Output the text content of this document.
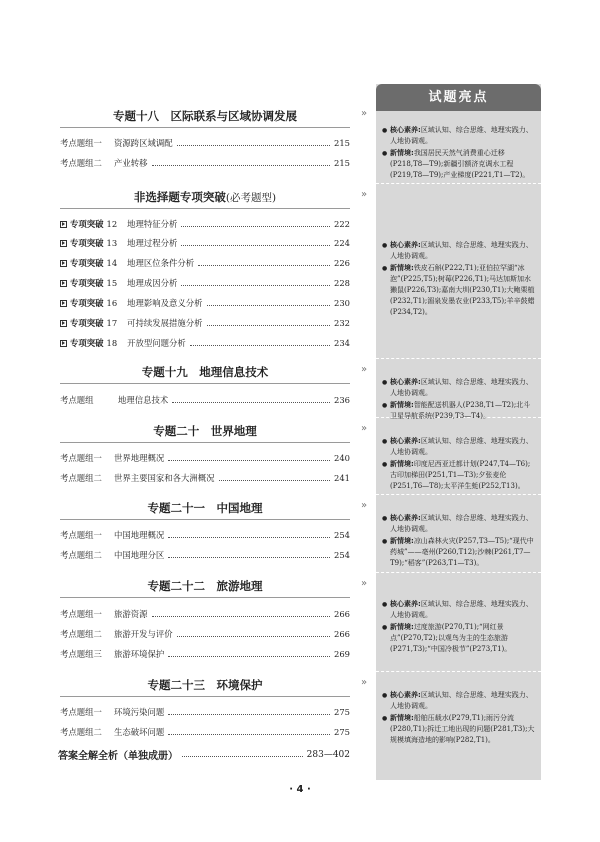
专题十八　区际联系与区域协调发展
考点题组一	资源跨区域调配	215
考点题组二	产业转移	215
非选择题专项突破(必考题型)
专项突破 12 地理特征分析	222
专项突破 13 地理过程分析	224
专项突破 14 地理区位条件分析	226
专项突破 15 地理成因分析	228
专项突破 16 地理影响及意义分析	230
专项突破 17 可持续发展措施分析	232
专项突破 18 开放型问题分析	234
专题十九　地理信息技术
考点题组	地理信息技术	236
专题二十　世界地理
考点题组一	世界地理概况	240
考点题组二	世界主要国家和各大洲概况	241
专题二十一　中国地理
考点题组一	中国地理概况	254
考点题组二	中国地理分区	254
专题二十二　旅游地理
考点题组一	旅游资源	266
考点题组二	旅游开发与评价	266
考点题组三	旅游环境保护	269
专题二十三　环境保护
考点题组一	环境污染问题	275
考点题组二	生态破坏问题	275
答案全解全析（单独成册）	283—402
»
»
»
»
»
»
»
试题亮点
● 核心素养:区域认知、综合思维、地理实践力、人地协调观。
● 新情境:我国居民天然气消费重心迁移(P218,T8—T9);新疆引额济克调水工程(P219,T8—T9);产业梯度(P221,T1—T2)。
● 核心素养:区域认知、综合思维、地理实践力、人地协调观。
● 新情境:铁皮石斛(P222,T1);亚伯拉罕湖“冰泡”(P225,T5);树莓(P226,T1);马达加斯加水獭鼠(P226,T3);嘉南大圳(P230,T1);大鲍栗植(P232,T1);湄泉发墨农业(P233,T5);羊辛鼓蜡(P234,T2)。
● 核心素养:区域认知、综合思维、地理实践力、人地协调观。
● 新情境:智能配送机器人(P238,T1—T2);北斗卫星导航系统(P239,T3—T4)。
● 核心素养:区域认知、综合思维、地理实践力、人地协调观。
● 新情境:印度尼西亚迁都计划(P247,T4—T6);古印加梯田(P251,T1—T3);夕张麦伦(P251,T6—T8);太平洋生蚝(P252,T13)。
● 核心素养:区域认知、综合思维、地理实践力、人地协调观。
● 新情境:凉山森林火灾(P257,T3—T5);“现代中药城”——亳州(P260,T12);沙棘(P261,T7—T9);“稻客”(P263,T1—T3)。
● 核心素养:区域认知、综合思维、地理实践力、人地协调观。
● 新情境:过度旅游(P270,T1);“网红景点”(P270,T2);以观鸟为主的生态旅游(P271,T3);“中国冷极节”(P273,T1)。
● 核心素养:区域认知、综合思维、地理实践力、人地协调观。
● 新情境:船舶压载水(P279,T1);雨污分流(P280,T1);拆迁工地出现的问题(P281,T3);大规模填海造地的影响(P282,T1)。
· 4 ·
